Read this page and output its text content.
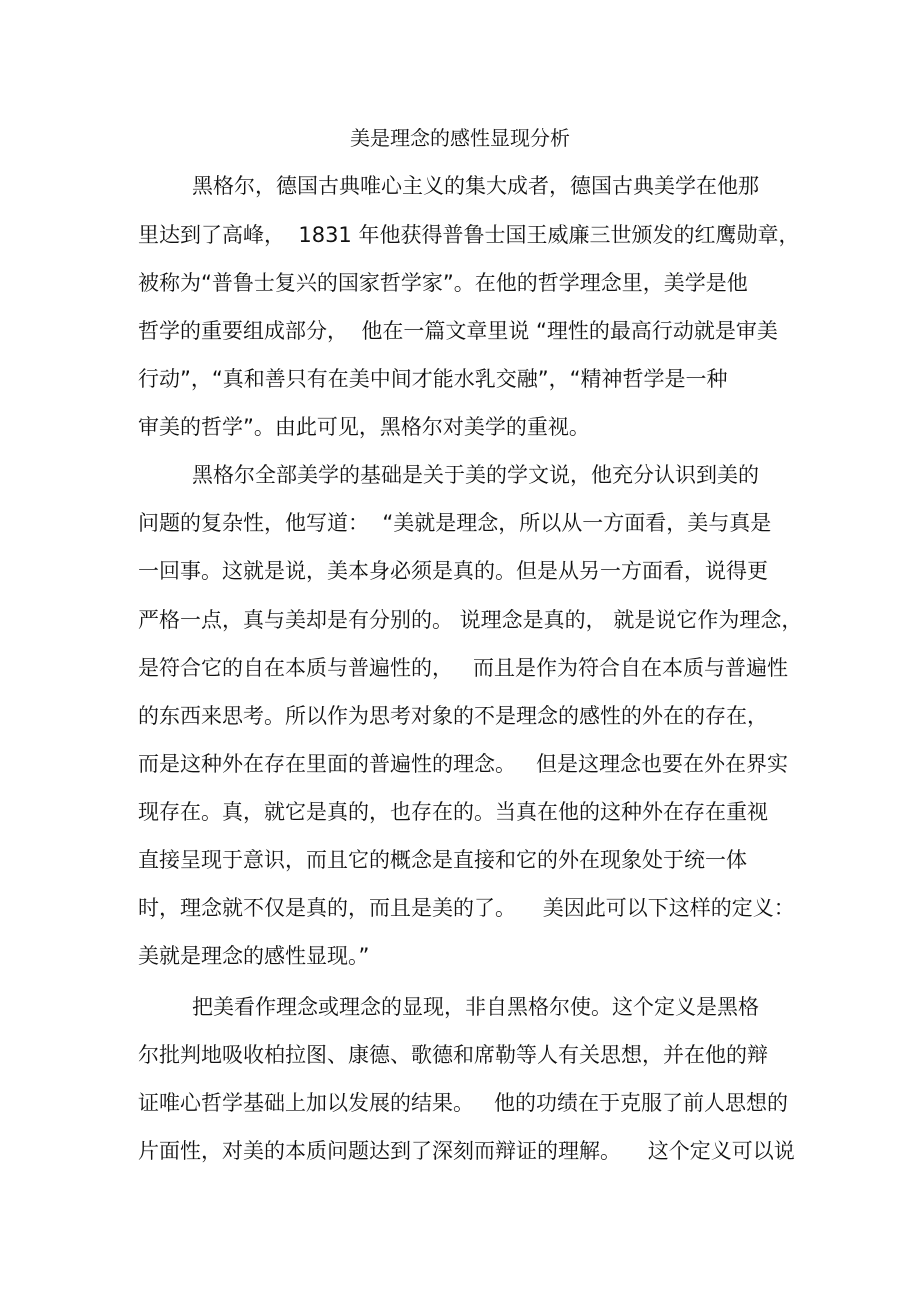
美是理念的感性显现分析
黑格尔，德国古典唯心主义的集大成者，德国古典美学在他那
里达到了高峰，  1831 年他获得普鲁士国王威廉三世颁发的红鹰勋章，
被称为“普鲁士复兴的国家哲学家”。在他的哲学理念里，美学是他
哲学的重要组成部分，  他在一篇文章里说 “理性的最高行动就是审美
行动”，“真和善只有在美中间才能水乳交融”，“精神哲学是一种
审美的哲学”。由此可见，黑格尔对美学的重视。
黑格尔全部美学的基础是关于美的学文说，他充分认识到美的
问题的复杂性，他写道：  “美就是理念，所以从一方面看，美与真是
一回事。这就是说，美本身必须是真的。但是从另一方面看，说得更
严格一点，真与美却是有分别的。 说理念是真的， 就是说它作为理念，
是符合它的自在本质与普遍性的，   而且是作为符合自在本质与普遍性
的东西来思考。所以作为思考对象的不是理念的感性的外在的存在，
而是这种外在存在里面的普遍性的理念。   但是这理念也要在外在界实
现存在。真，就它是真的，也存在的。当真在他的这种外在存在重视
直接呈现于意识，而且它的概念是直接和它的外在现象处于统一体
时，理念就不仅是真的，而且是美的了。    美因此可以下这样的定义：
美就是理念的感性显现。”
把美看作理念或理念的显现，非自黑格尔使。这个定义是黑格
尔批判地吸收柏拉图、康德、歌德和席勒等人有关思想，并在他的辩
证唯心哲学基础上加以发展的结果。   他的功绩在于克服了前人思想的
片面性，对美的本质问题达到了深刻而辩证的理解。    这个定义可以说
